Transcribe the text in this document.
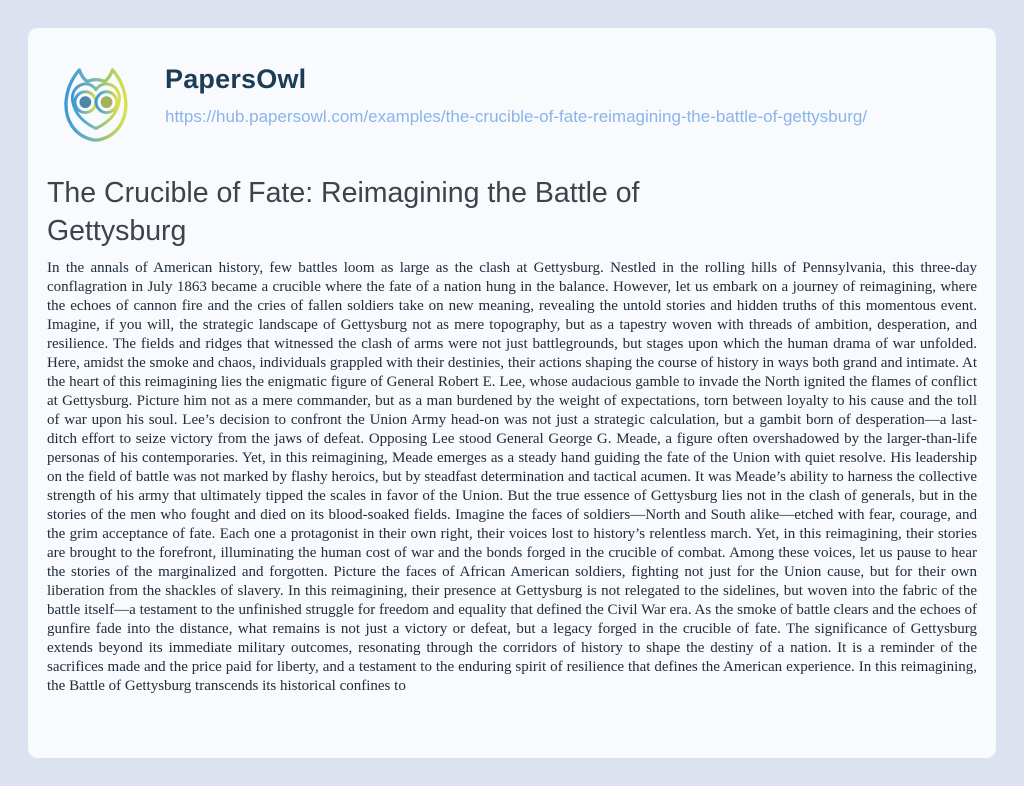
PapersOwl
https://hub.papersowl.com/examples/the-crucible-of-fate-reimagining-the-battle-of-gettysburg/
The Crucible of Fate: Reimagining the Battle of Gettysburg

In the annals of American history, few battles loom as large as the clash at Gettysburg. Nestled in the rolling hills of Pennsylvania, this three-day conflagration in July 1863 became a crucible where the fate of a nation hung in the balance. However, let us embark on a journey of reimagining, where the echoes of cannon fire and the cries of fallen soldiers take on new meaning, revealing the untold stories and hidden truths of this momentous event. Imagine, if you will, the strategic landscape of Gettysburg not as mere topography, but as a tapestry woven with threads of ambition, desperation, and resilience. The fields and ridges that witnessed the clash of arms were not just battlegrounds, but stages upon which the human drama of war unfolded. Here, amidst the smoke and chaos, individuals grappled with their destinies, their actions shaping the course of history in ways both grand and intimate. At the heart of this reimagining lies the enigmatic figure of General Robert E. Lee, whose audacious gamble to invade the North ignited the flames of conflict at Gettysburg. Picture him not as a mere commander, but as a man burdened by the weight of expectations, torn between loyalty to his cause and the toll of war upon his soul. Lee’s decision to confront the Union Army head-on was not just a strategic calculation, but a gambit born of desperation—a last-ditch effort to seize victory from the jaws of defeat. Opposing Lee stood General George G. Meade, a figure often overshadowed by the larger-than-life personas of his contemporaries. Yet, in this reimagining, Meade emerges as a steady hand guiding the fate of the Union with quiet resolve. His leadership on the field of battle was not marked by flashy heroics, but by steadfast determination and tactical acumen. It was Meade’s ability to harness the collective strength of his army that ultimately tipped the scales in favor of the Union. But the true essence of Gettysburg lies not in the clash of generals, but in the stories of the men who fought and died on its blood-soaked fields. Imagine the faces of soldiers—North and South alike—etched with fear, courage, and the grim acceptance of fate. Each one a protagonist in their own right, their voices lost to history’s relentless march. Yet, in this reimagining, their stories are brought to the forefront, illuminating the human cost of war and the bonds forged in the crucible of combat. Among these voices, let us pause to hear the stories of the marginalized and forgotten. Picture the faces of African American soldiers, fighting not just for the Union cause, but for their own liberation from the shackles of slavery. In this reimagining, their presence at Gettysburg is not relegated to the sidelines, but woven into the fabric of the battle itself—a testament to the unfinished struggle for freedom and equality that defined the Civil War era. As the smoke of battle clears and the echoes of gunfire fade into the distance, what remains is not just a victory or defeat, but a legacy forged in the crucible of fate. The significance of Gettysburg extends beyond its immediate military outcomes, resonating through the corridors of history to shape the destiny of a nation. It is a reminder of the sacrifices made and the price paid for liberty, and a testament to the enduring spirit of resilience that defines the American experience. In this reimagining, the Battle of Gettysburg transcends its historical confines to
